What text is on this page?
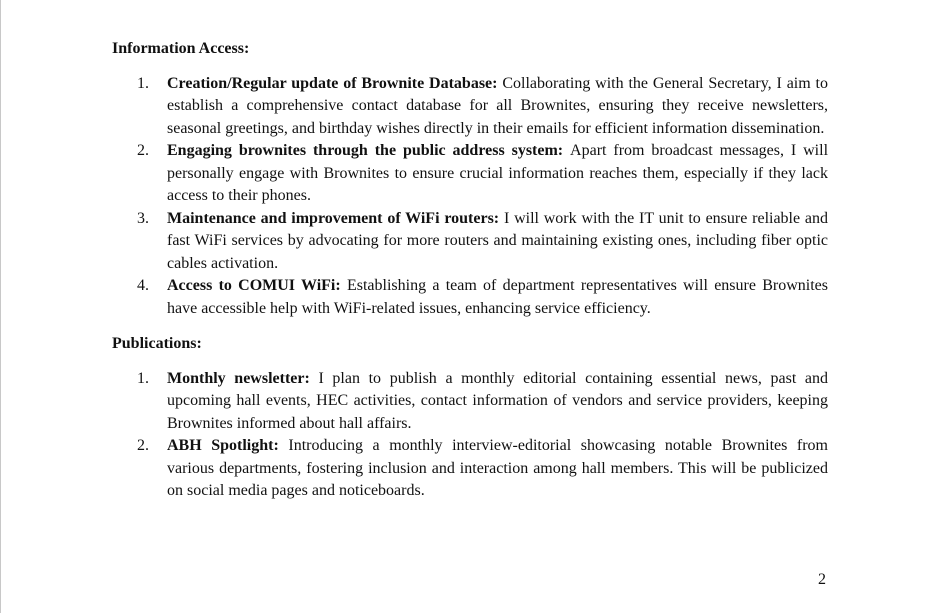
Information Access:
1.	Creation/Regular update of Brownite Database: Collaborating with the General Secretary, I aim to establish a comprehensive contact database for all Brownites, ensuring they receive newsletters, seasonal greetings, and birthday wishes directly in their emails for efficient information dissemination.
2.	Engaging brownites through the public address system: Apart from broadcast messages, I will personally engage with Brownites to ensure crucial information reaches them, especially if they lack access to their phones.
3.	Maintenance and improvement of WiFi routers: I will work with the IT unit to ensure reliable and fast WiFi services by advocating for more routers and maintaining existing ones, including fiber optic cables activation.
4.	Access to COMUI WiFi: Establishing a team of department representatives will ensure Brownites have accessible help with WiFi-related issues, enhancing service efficiency.
Publications:
1.	Monthly newsletter: I plan to publish a monthly editorial containing essential news, past and upcoming hall events, HEC activities, contact information of vendors and service providers, keeping Brownites informed about hall affairs.
2.	ABH Spotlight: Introducing a monthly interview-editorial showcasing notable Brownites from various departments, fostering inclusion and interaction among hall members. This will be publicized on social media pages and noticeboards.
2
